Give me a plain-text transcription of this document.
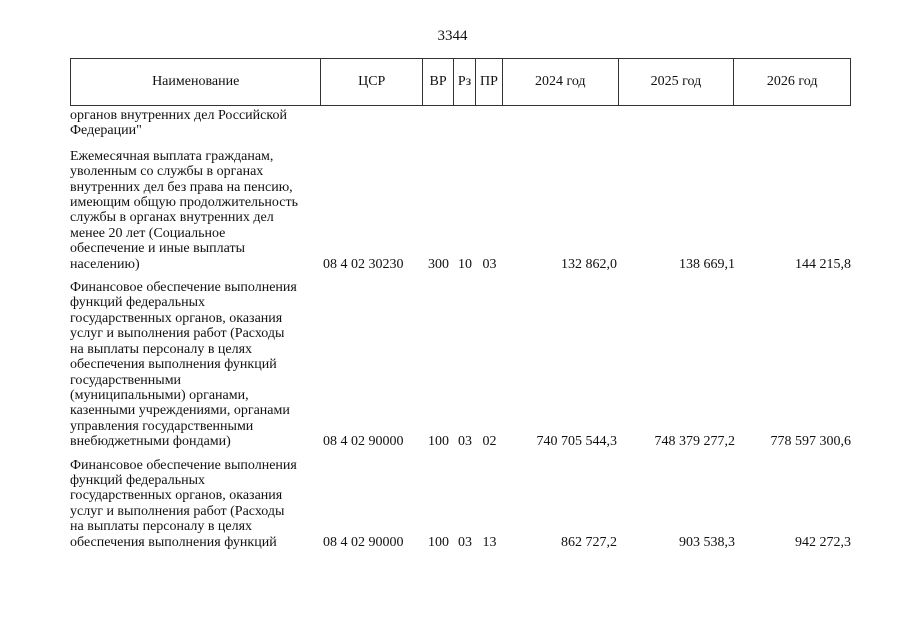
3344
Наименование	ЦСР	ВР Рз ПР	2024 год	2025 год	2026 год
органов внутренних дел Российской
Федерации"
Ежемесячная выплата гражданам,
уволенным со службы в органах
внутренних дел без права на пенсию,
имеющим общую продолжительность
службы в органах внутренних дел
менее 20 лет (Социальное
обеспечение и иные выплаты
населению)	08 4 02 30230	300 10 03	132 862,0	138 669,1	144 215,8
Финансовое обеспечение выполнения
функций федеральных
государственных органов, оказания
услуг и выполнения работ (Расходы
на выплаты персоналу в целях
обеспечения выполнения функций
государственными
(муниципальными) органами,
казенными учреждениями, органами
управления государственными
внебюджетными фондами)	08 4 02 90000	100 03 02	740 705 544,3	748 379 277,2	778 597 300,6
Финансовое обеспечение выполнения
функций федеральных
государственных органов, оказания
услуг и выполнения работ (Расходы
на выплаты персоналу в целях
обеспечения выполнения функций	08 4 02 90000	100 03 13	862 727,2	903 538,3	942 272,3
